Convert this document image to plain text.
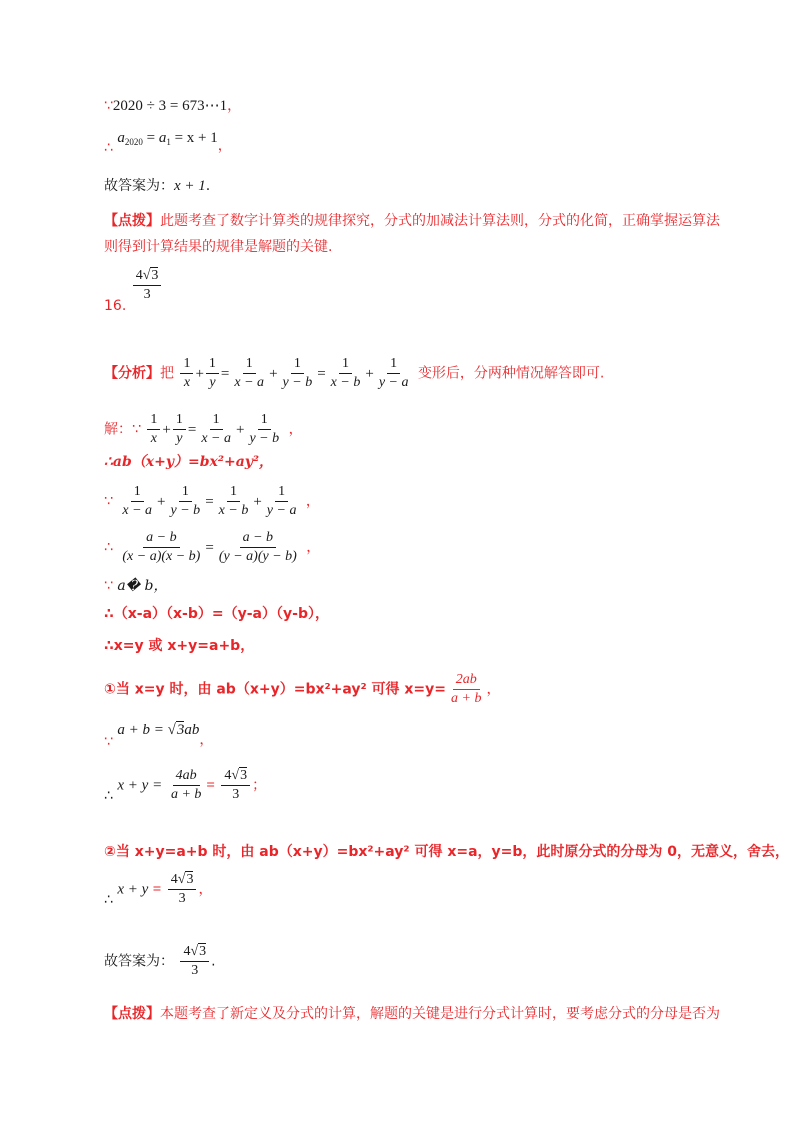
∵2020 ÷ 3 = 673⋯1，
∴ $a_{2020} = a_1 = x + 1$，
故答案为：x + 1.
【点拨】此题考查了数字计算类的规律探究，分式的加减法计算法则，分式的化简，正确掌握运算法
则得到计算结果的规律是解题的关键.
16.
$\frac{4√3}{3}$
【分析】把 $\frac{1}{x} + \frac{1}{y} = \frac{1}{x - a} + \frac{1}{y - b} = \frac{1}{x - b} + \frac{1}{y - a}$ 变形后，分两种情况解答即可.
解：∵ $\frac{1}{x} + \frac{1}{y} = \frac{1}{x - a} + \frac{1}{y - b}$ ，
∴ab（x+y）=bx²+ay²，
∵ $\frac{1}{x - a} + \frac{1}{y - b} = \frac{1}{x - b} + \frac{1}{y - a}$ ，
∴ $\frac{a - b}{(x - a)(x - b)} = \frac{a - b}{(y - a)(y - b)}$ ，
∵ a� b，
∴（x-a）（x-b）=（y-a）（y-b），
∴x=y 或 x+y=a+b，
①当 x=y 时，由 ab（x+y）=bx²+ay² 可得 $x=y= \frac{2ab}{a + b}$ ，
∵ a + b = √3ab，
∴ $x + y = \frac{4ab}{a + b} = \frac{4√3}{3}$ ；
②当 x+y=a+b 时，由 ab（x+y）=bx²+ay² 可得 x=a，y=b，此时原分式的分母为 0，无意义，舍去，
∴ $x + y = \frac{4√3}{3}$ ，
故答案为： $\frac{4√3}{3}$ .
【点拨】本题考查了新定义及分式的计算，解题的关键是进行分式计算时，要考虑分式的分母是否为
